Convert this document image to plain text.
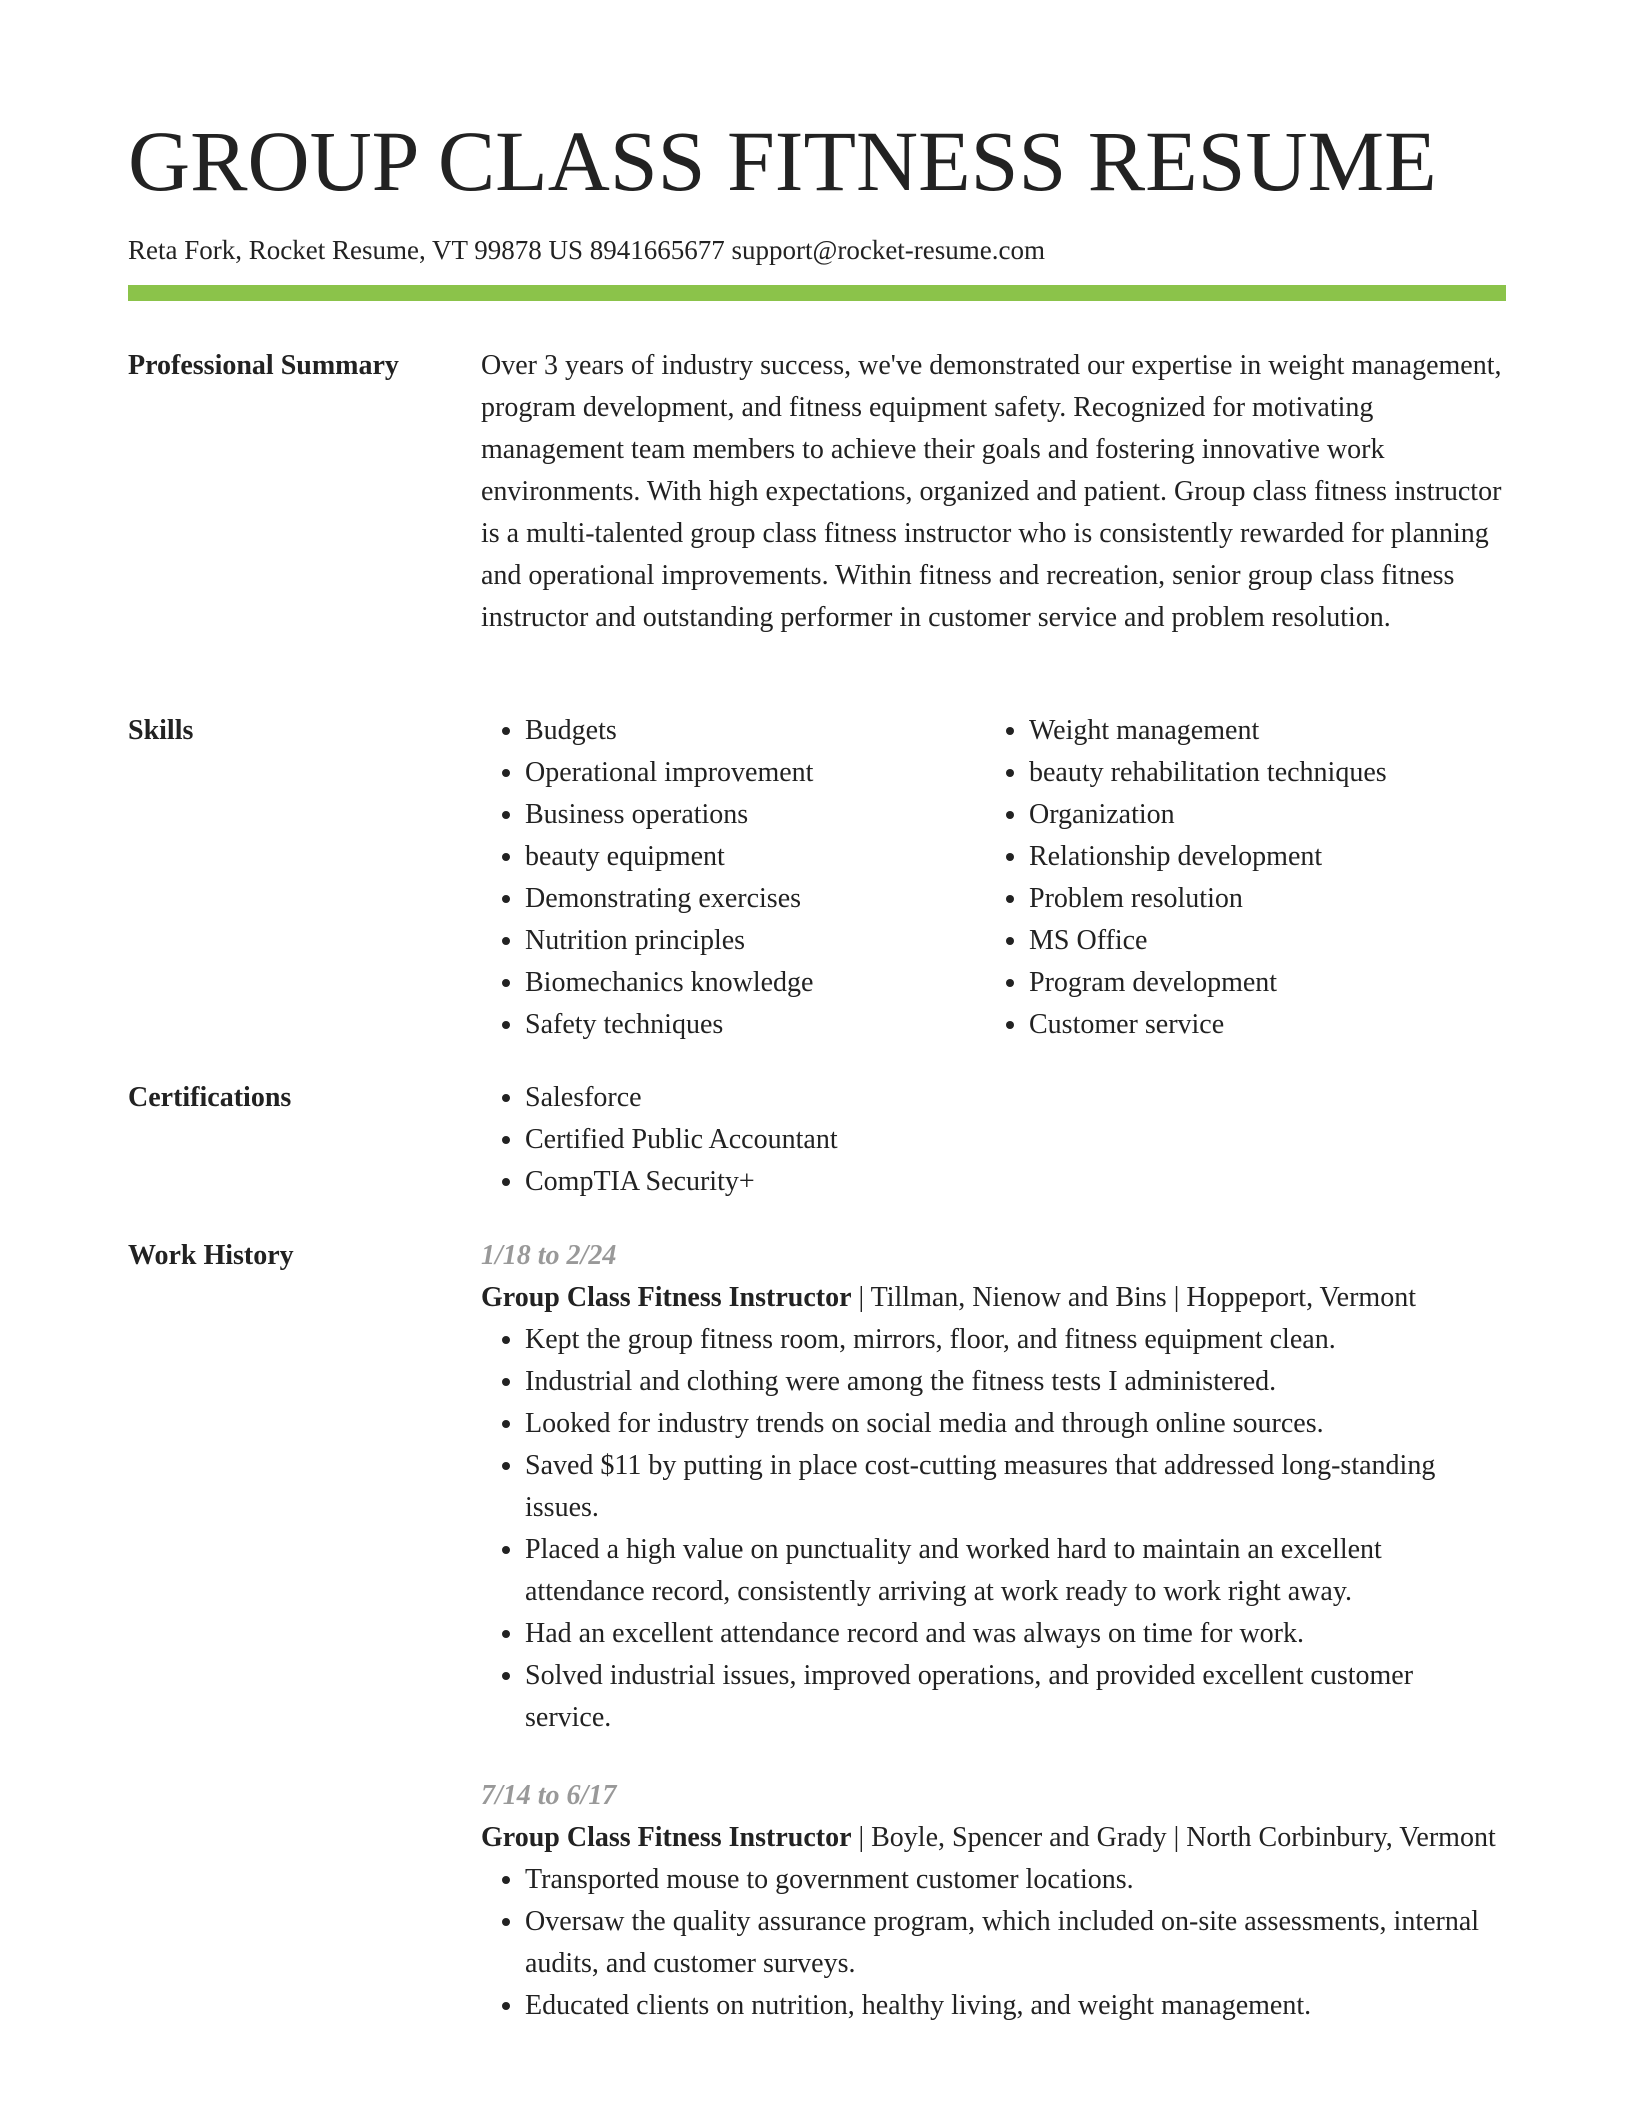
GROUP CLASS FITNESS RESUME
Reta Fork, Rocket Resume, VT 99878 US 8941665677 support@rocket-resume.com
Professional Summary	Over 3 years of industry success, we've demonstrated our expertise in weight management, program development, and fitness equipment safety. Recognized for motivating management team members to achieve their goals and fostering innovative work environments. With high expectations, organized and patient. Group class fitness instructor is a multi-talented group class fitness instructor who is consistently rewarded for planning and operational improvements. Within fitness and recreation, senior group class fitness instructor and outstanding performer in customer service and problem resolution.

Skills	• Budgets
• Operational improvement
• Business operations
• beauty equipment
• Demonstrating exercises
• Nutrition principles
• Biomechanics knowledge
• Safety techniques
• Weight management
• beauty rehabilitation techniques
• Organization
• Relationship development
• Problem resolution
• MS Office
• Program development
• Customer service
Certifications	• Salesforce
• Certified Public Accountant
• CompTIA Security+
Work History	1/18 to 2/24
Group Class Fitness Instructor | Tillman, Nienow and Bins | Hoppeport, Vermont
• Kept the group fitness room, mirrors, floor, and fitness equipment clean.
• Industrial and clothing were among the fitness tests I administered.
• Looked for industry trends on social media and through online sources.
• Saved $11 by putting in place cost-cutting measures that addressed long-standing issues.
• Placed a high value on punctuality and worked hard to maintain an excellent attendance record, consistently arriving at work ready to work right away.
• Had an excellent attendance record and was always on time for work.
• Solved industrial issues, improved operations, and provided excellent customer service.
7/14 to 6/17
Group Class Fitness Instructor | Boyle, Spencer and Grady | North Corbinbury, Vermont
• Transported mouse to government customer locations.
• Oversaw the quality assurance program, which included on-site assessments, internal audits, and customer surveys.
• Educated clients on nutrition, healthy living, and weight management.
